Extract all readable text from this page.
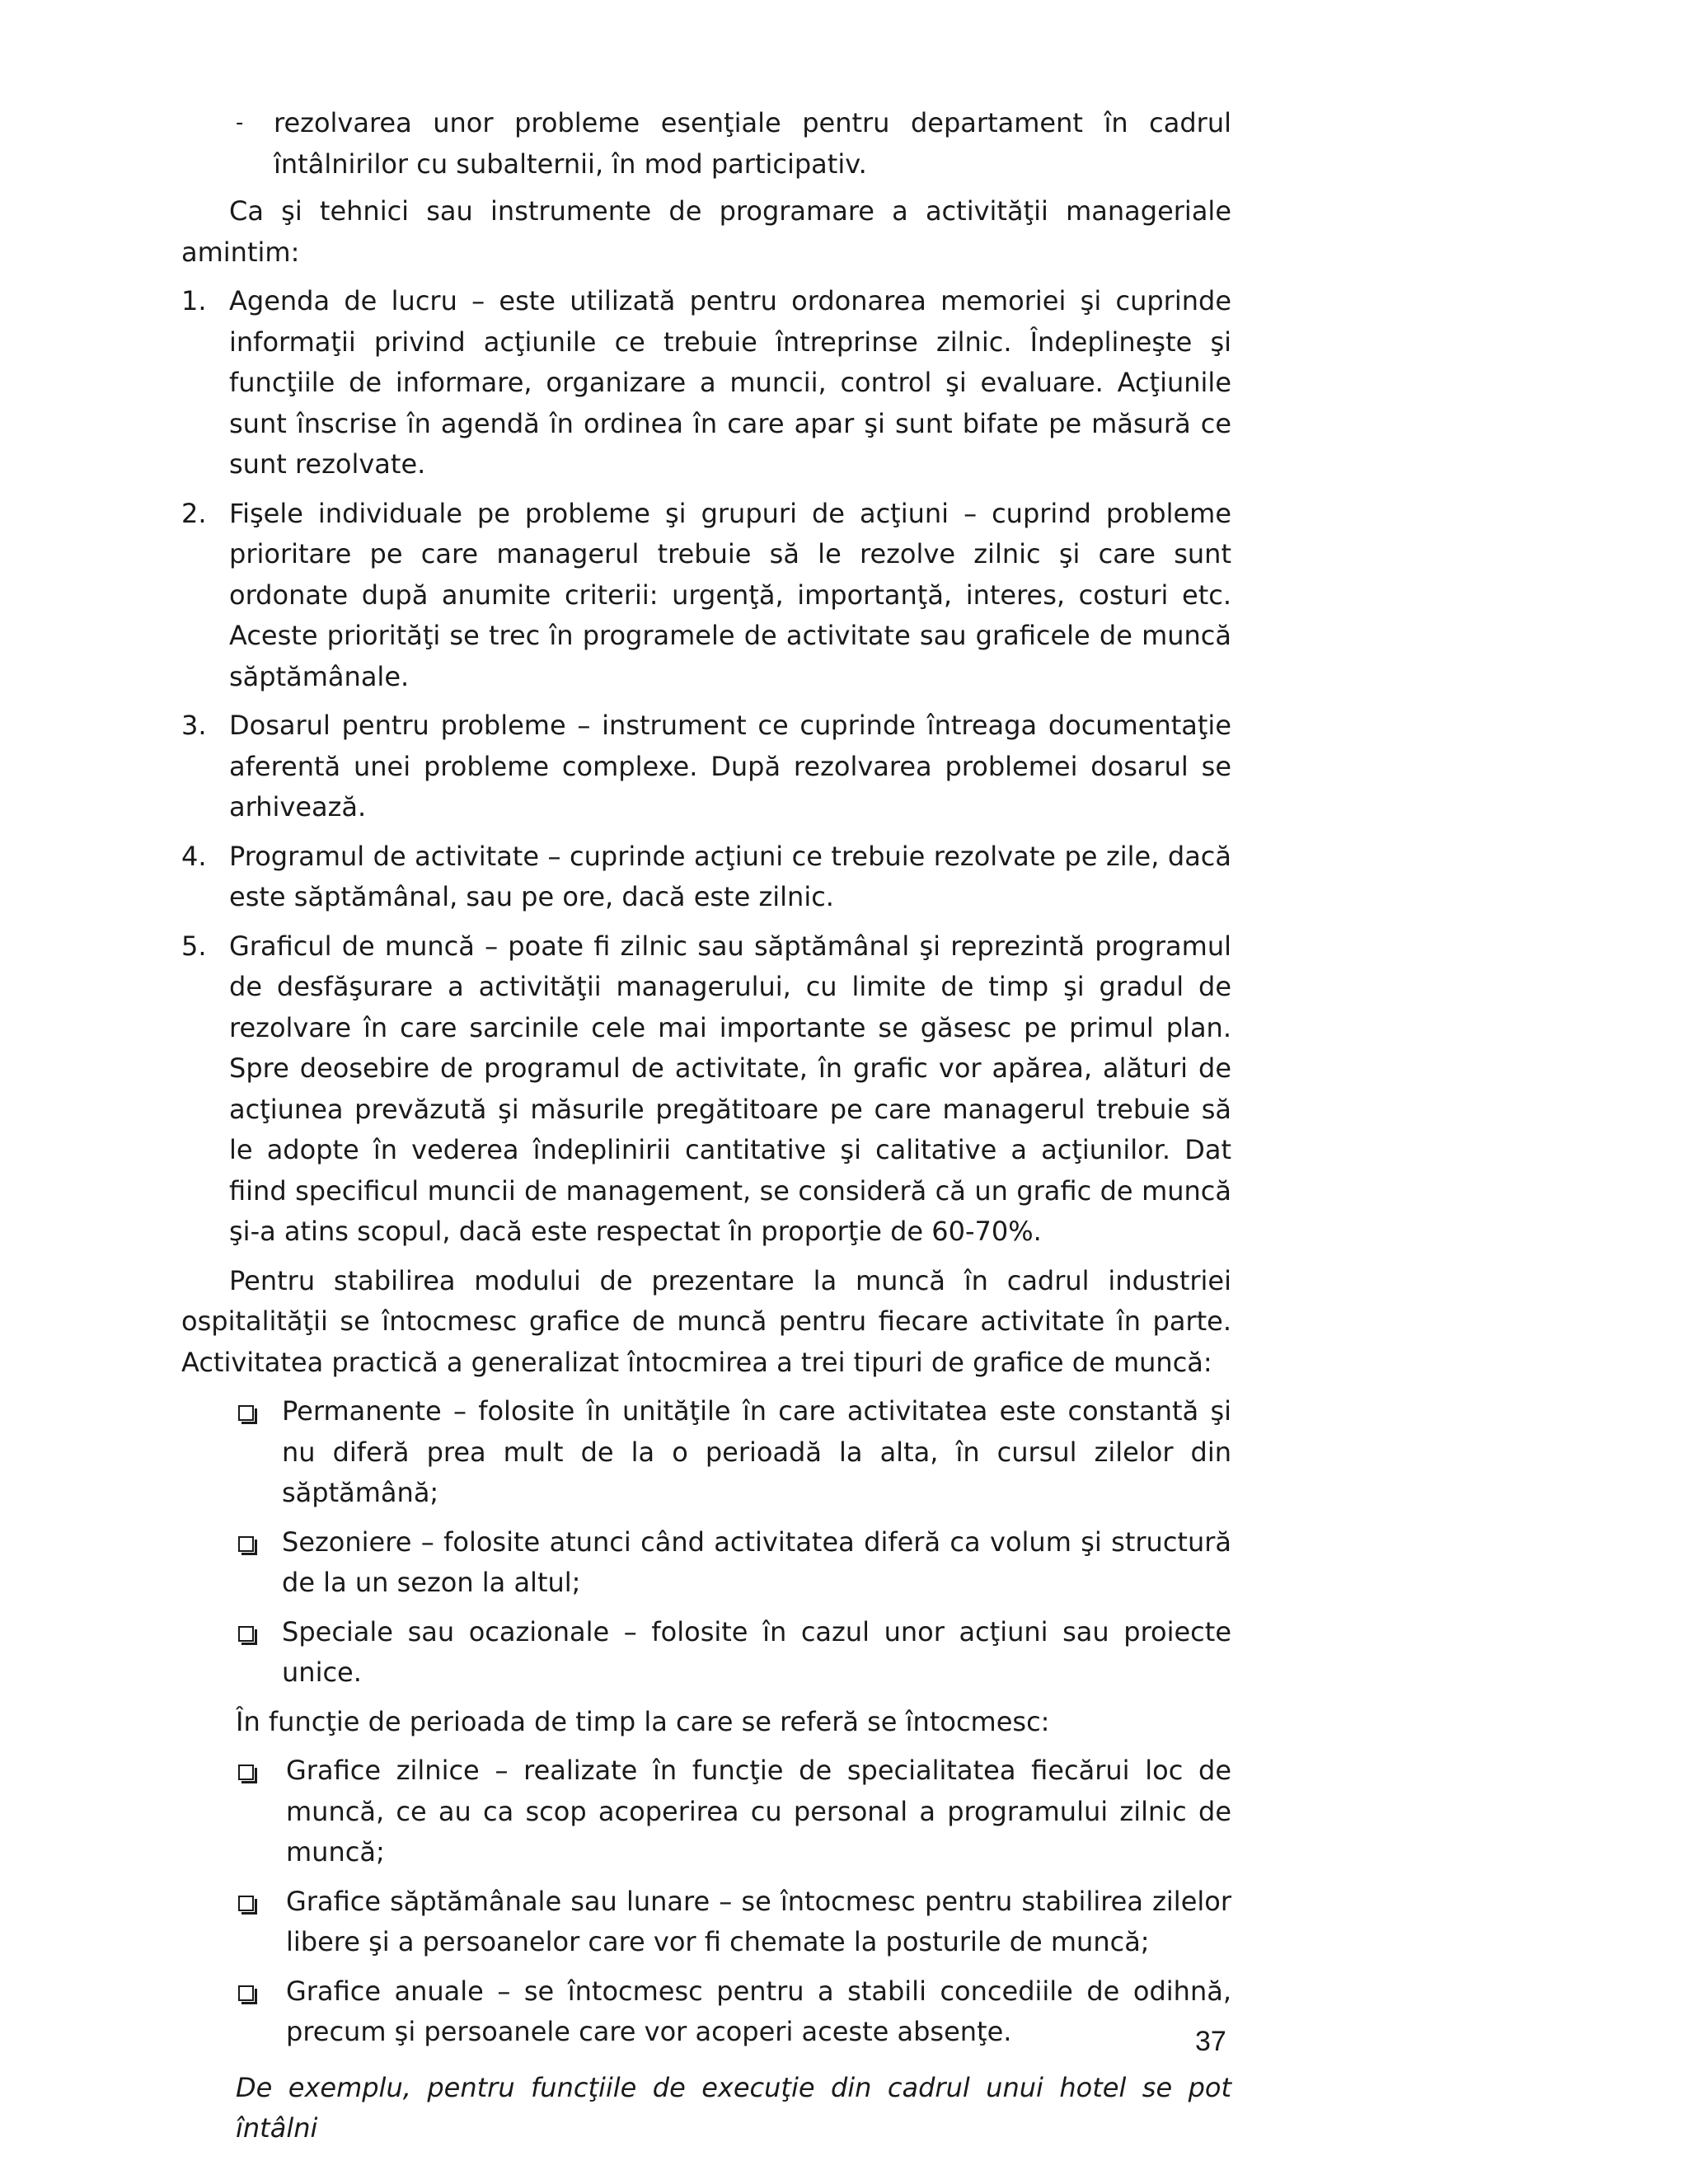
- rezolvarea unor probleme esenţiale pentru departament în cadrul întâlnirilor cu subalternii, în mod participativ.

Ca şi tehnici sau instrumente de programare a activităţii manageriale amintim:

1. Agenda de lucru – este utilizată pentru ordonarea memoriei şi cuprinde informaţii privind acţiunile ce trebuie întreprinse zilnic. Îndeplineşte şi funcţiile de informare, organizare a muncii, control şi evaluare. Acţiunile sunt înscrise în agendă în ordinea în care apar şi sunt bifate pe măsură ce sunt rezolvate.
2. Fişele individuale pe probleme şi grupuri de acţiuni – cuprind probleme prioritare pe care managerul trebuie să le rezolve zilnic şi care sunt ordonate după anumite criterii: urgenţă, importanţă, interes, costuri etc. Aceste priorităţi se trec în programele de activitate sau graficele de muncă săptămânale.
3. Dosarul pentru probleme – instrument ce cuprinde întreaga documentaţie aferentă unei probleme complexe. După rezolvarea problemei dosarul se arhivează.
4. Programul de activitate – cuprinde acţiuni ce trebuie rezolvate pe zile, dacă este săptămânal, sau pe ore, dacă este zilnic.
5. Graficul de muncă – poate fi zilnic sau săptămânal şi reprezintă programul de desfăşurare a activităţii managerului, cu limite de timp şi gradul de rezolvare în care sarcinile cele mai importante se găsesc pe primul plan. Spre deosebire de programul de activitate, în grafic vor apărea, alături de acţiunea prevăzută şi măsurile pregătitoare pe care managerul trebuie să le adopte în vederea îndeplinirii cantitative şi calitative a acţiunilor. Dat fiind specificul muncii de management, se consideră că un grafic de muncă şi-a atins scopul, dacă este respectat în proporţie de 60-70%.

Pentru stabilirea modului de prezentare la muncă în cadrul industriei ospitalităţii se întocmesc grafice de muncă pentru fiecare activitate în parte. Activitatea practică a generalizat întocmirea a trei tipuri de grafice de muncă:

Permanente – folosite în unităţile în care activitatea este constantă şi nu diferă prea mult de la o perioadă la alta, în cursul zilelor din săptămână;
Sezoniere – folosite atunci când activitatea diferă ca volum şi structură de la un sezon la altul;
Speciale sau ocazionale – folosite în cazul unor acţiuni sau proiecte unice.

În funcţie de perioada de timp la care se referă se întocmesc:

Grafice zilnice – realizate în funcţie de specialitatea fiecărui loc de muncă, ce au ca scop acoperirea cu personal a programului zilnic de muncă;
Grafice săptămânale sau lunare – se întocmesc pentru stabilirea zilelor libere şi a persoanelor care vor fi chemate la posturile de muncă;
Grafice anuale – se întocmesc pentru a stabili concediile de odihnă, precum şi persoanele care vor acoperi aceste absenţe.

De exemplu, pentru funcţiile de execuţie din cadrul unui hotel se pot întâlni

37
